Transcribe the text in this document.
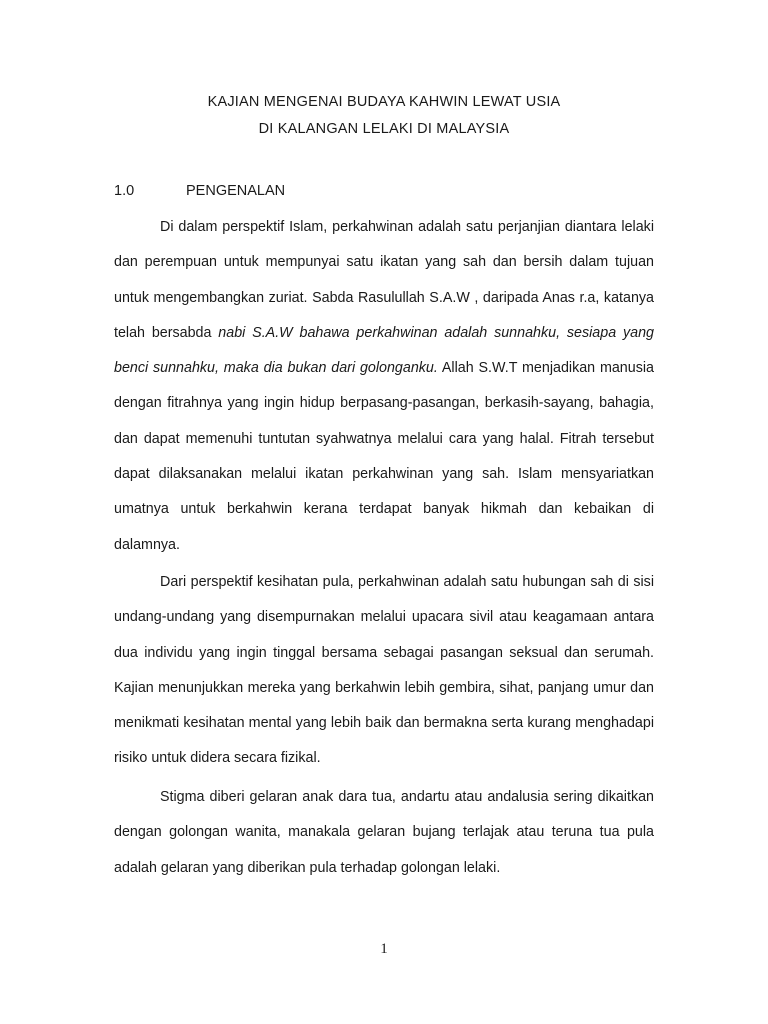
KAJIAN MENGENAI BUDAYA KAHWIN LEWAT USIA
DI KALANGAN LELAKI DI MALAYSIA
1.0	PENGENALAN

Di dalam perspektif Islam, perkahwinan adalah satu perjanjian diantara lelaki dan perempuan untuk mempunyai satu ikatan yang sah dan bersih dalam tujuan untuk mengembangkan zuriat. Sabda Rasulullah S.A.W , daripada Anas r.a, katanya telah bersabda nabi S.A.W bahawa perkahwinan adalah sunnahku, sesiapa yang benci sunnahku, maka dia bukan dari golonganku. Allah S.W.T menjadikan manusia dengan fitrahnya yang ingin hidup berpasang-pasangan, berkasih-sayang, bahagia, dan dapat memenuhi tuntutan syahwatnya melalui cara yang halal. Fitrah tersebut dapat dilaksanakan melalui ikatan perkahwinan yang sah. Islam mensyariatkan umatnya untuk berkahwin kerana terdapat banyak hikmah dan kebaikan di dalamnya.

Dari perspektif kesihatan pula, perkahwinan adalah satu hubungan sah di sisi undang-undang yang disempurnakan melalui upacara sivil atau keagamaan antara dua individu yang ingin tinggal bersama sebagai pasangan seksual dan serumah. Kajian menunjukkan mereka yang berkahwin lebih gembira, sihat, panjang umur dan menikmati kesihatan mental yang lebih baik dan bermakna serta kurang menghadapi risiko untuk didera secara fizikal.

Stigma diberi gelaran anak dara tua, andartu atau andalusia sering dikaitkan dengan golongan wanita, manakala gelaran bujang terlajak atau teruna tua pula adalah gelaran yang diberikan pula terhadap golongan lelaki.

1
